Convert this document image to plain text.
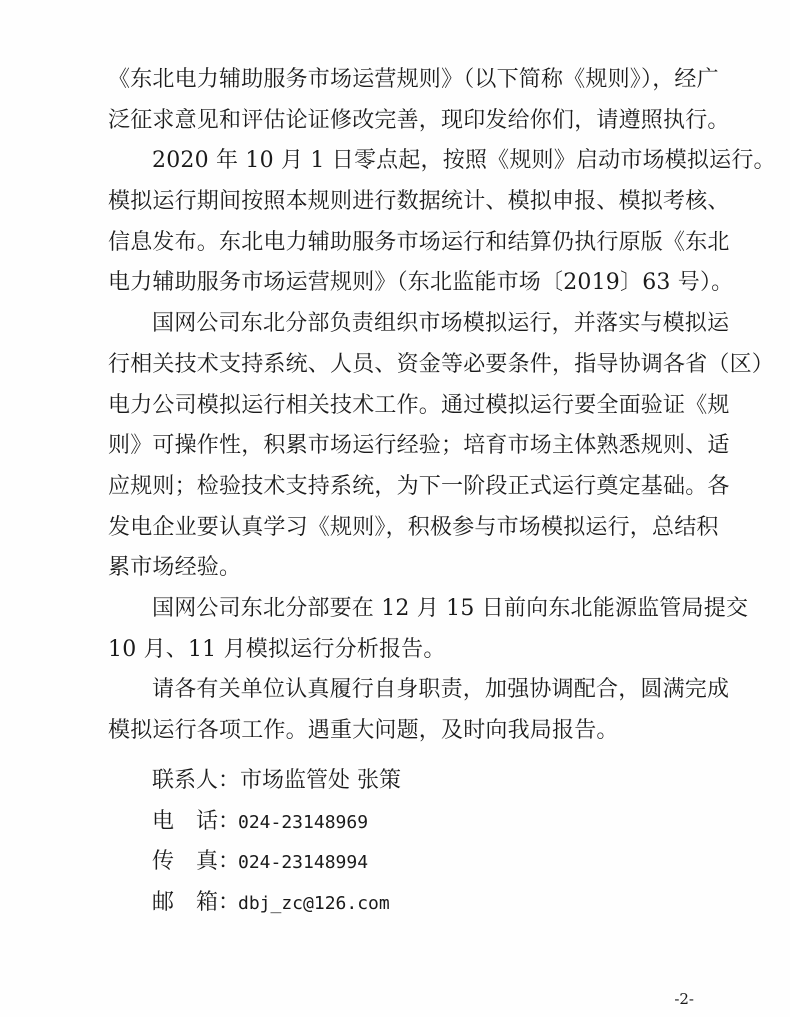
《东北电力辅助服务市场运营规则》（以下简称《规则》），经广
泛征求意见和评估论证修改完善，现印发给你们，请遵照执行。
2020 年 10 月 1 日零点起，按照《规则》启动市场模拟运行。
模拟运行期间按照本规则进行数据统计、模拟申报、模拟考核、
信息发布。东北电力辅助服务市场运行和结算仍执行原版《东北
电力辅助服务市场运营规则》（东北监能市场〔2019〕63 号）。
国网公司东北分部负责组织市场模拟运行，并落实与模拟运
行相关技术支持系统、人员、资金等必要条件，指导协调各省（区）
电力公司模拟运行相关技术工作。通过模拟运行要全面验证《规
则》可操作性，积累市场运行经验；培育市场主体熟悉规则、适
应规则；检验技术支持系统，为下一阶段正式运行奠定基础。各
发电企业要认真学习《规则》，积极参与市场模拟运行，总结积
累市场经验。
国网公司东北分部要在 12 月 15 日前向东北能源监管局提交
10 月、11 月模拟运行分析报告。
请各有关单位认真履行自身职责，加强协调配合，圆满完成
模拟运行各项工作。遇重大问题，及时向我局报告。
联系人：市场监管处 张策
电　话：024-23148969
传　真：024-23148994
邮　箱：dbj_zc@126.com
-2-
